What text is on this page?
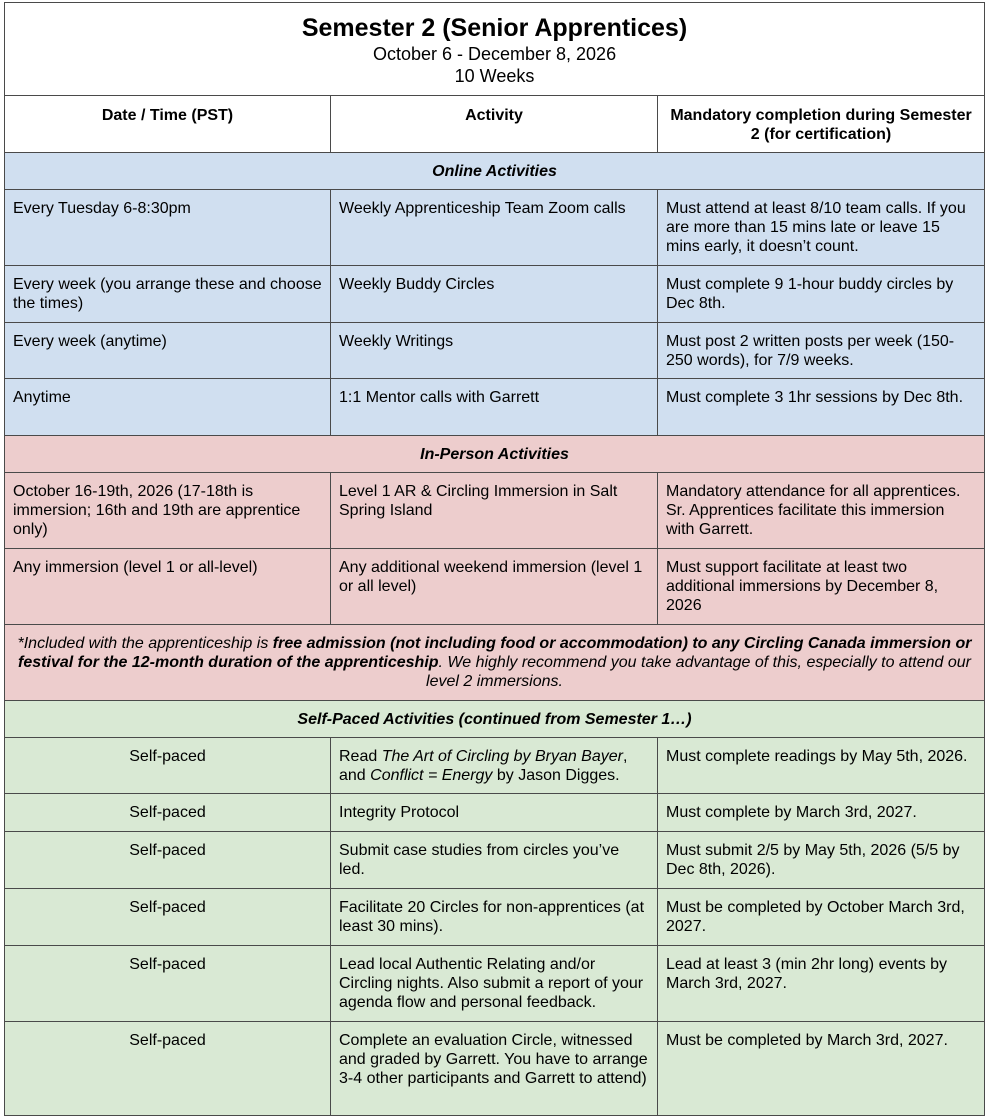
Semester 2 (Senior Apprentices)
October 6 - December 8, 2026
10 Weeks		

Date / Time (PST)	Activity	Mandatory completion during Semester 2 (for certification)
Online Activities		
Every Tuesday 6-8:30pm	Weekly Apprenticeship Team Zoom calls	Must attend at least 8/10 team calls. If you are more than 15 mins late or leave 15 mins early, it doesn’t count.
Every week (you arrange these and choose the times)	Weekly Buddy Circles	Must complete 9 1-hour buddy circles by Dec 8th.
Every week (anytime)	Weekly Writings	Must post 2 written posts per week (150-250 words), for 7/9 weeks.
Anytime	1:1 Mentor calls with Garrett	Must complete 3 1hr sessions by Dec 8th.
In-Person Activities		
October 16-19th, 2026 (17-18th is immersion; 16th and 19th are apprentice only)	Level 1 AR & Circling Immersion in Salt Spring Island	Mandatory attendance for all apprentices. Sr. Apprentices facilitate this immersion with Garrett.
Any immersion (level 1 or all-level)	Any additional weekend immersion (level 1 or all level)	Must support facilitate at least two additional immersions by December 8, 2026
*Included with the apprenticeship is free admission (not including food or accommodation) to any Circling Canada immersion or festival for the 12-month duration of the apprenticeship. We highly recommend you take advantage of this, especially to attend our level 2 immersions.		
Self-Paced Activities (continued from Semester 1…)		
Self-paced	Read The Art of Circling by Bryan Bayer, and Conflict = Energy by Jason Digges.	Must complete readings by May 5th, 2026.
Self-paced	Integrity Protocol	Must complete by March 3rd, 2027.
Self-paced	Submit case studies from circles you’ve led.	Must submit 2/5 by May 5th, 2026 (5/5 by Dec 8th, 2026).
Self-paced	Facilitate 20 Circles for non-apprentices (at least 30 mins).	Must be completed by October March 3rd, 2027.
Self-paced	Lead local Authentic Relating and/or Circling nights. Also submit a report of your agenda flow and personal feedback.	Lead at least 3 (min 2hr long) events by March 3rd, 2027.
Self-paced	Complete an evaluation Circle, witnessed and graded by Garrett. You have to arrange 3-4 other participants and Garrett to attend)	Must be completed by March 3rd, 2027.
